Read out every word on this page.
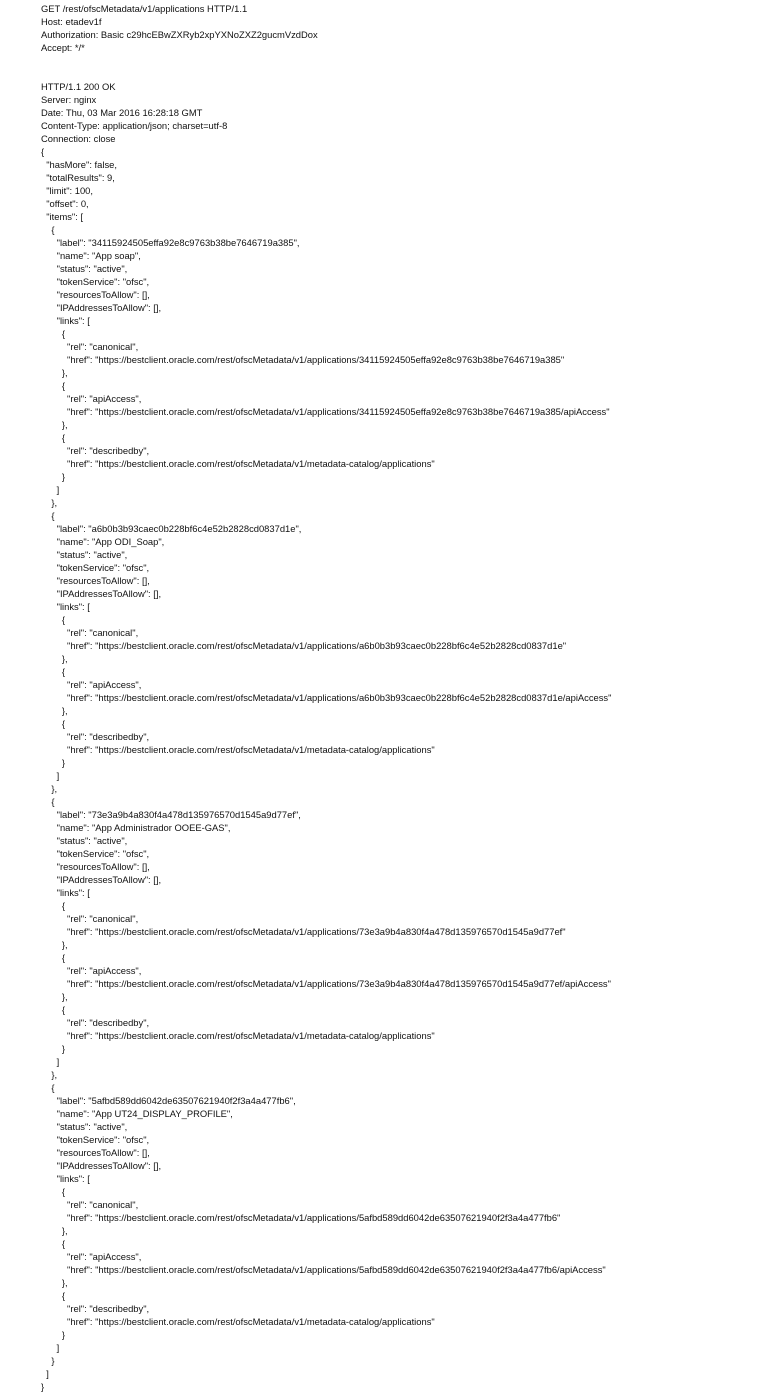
GET /rest/ofscMetadata/v1/applications HTTP/1.1
Host: etadev1f
Authorization: Basic c29hcEBwZXRyb2xpYXNoZXZ2gucmVzdDox
Accept: */*
HTTP/1.1 200 OK
Server: nginx
Date: Thu, 03 Mar 2016 16:28:18 GMT
Content-Type: application/json; charset=utf-8
Connection: close
{
"hasMore": false,
"totalResults": 9,
"limit": 100,
"offset": 0,
"items": [
{
"label": "34115924505effa92e8c9763b38be7646719a385",
"name": "App soap",
"status": "active",
"tokenService": "ofsc",
"resourcesToAllow": [],
"IPAddressesToAllow": [],
"links": [
{
"rel": "canonical",
"href": "https://bestclient.oracle.com/rest/ofscMetadata/v1/applications/34115924505effa92e8c9763b38be7646719a385"
},
{
"rel": "apiAccess",
"href": "https://bestclient.oracle.com/rest/ofscMetadata/v1/applications/34115924505effa92e8c9763b38be7646719a385/apiAccess"
},
{
"rel": "describedby",
"href": "https://bestclient.oracle.com/rest/ofscMetadata/v1/metadata-catalog/applications"
}
]
},
{
"label": "a6b0b3b93caec0b228bf6c4e52b2828cd0837d1e",
"name": "App ODI_Soap",
"status": "active",
"tokenService": "ofsc",
"resourcesToAllow": [],
"IPAddressesToAllow": [],
"links": [
{
"rel": "canonical",
"href": "https://bestclient.oracle.com/rest/ofscMetadata/v1/applications/a6b0b3b93caec0b228bf6c4e52b2828cd0837d1e"
},
{
"rel": "apiAccess",
"href": "https://bestclient.oracle.com/rest/ofscMetadata/v1/applications/a6b0b3b93caec0b228bf6c4e52b2828cd0837d1e/apiAccess"
},
{
"rel": "describedby",
"href": "https://bestclient.oracle.com/rest/ofscMetadata/v1/metadata-catalog/applications"
}
]
},
{
"label": "73e3a9b4a830f4a478d135976570d1545a9d77ef",
"name": "App Administrador OOEE-GAS",
"status": "active",
"tokenService": "ofsc",
"resourcesToAllow": [],
"IPAddressesToAllow": [],
"links": [
{
"rel": "canonical",
"href": "https://bestclient.oracle.com/rest/ofscMetadata/v1/applications/73e3a9b4a830f4a478d135976570d1545a9d77ef"
},
{
"rel": "apiAccess",
"href": "https://bestclient.oracle.com/rest/ofscMetadata/v1/applications/73e3a9b4a830f4a478d135976570d1545a9d77ef/apiAccess"
},
{
"rel": "describedby",
"href": "https://bestclient.oracle.com/rest/ofscMetadata/v1/metadata-catalog/applications"
}
]
},
{
"label": "5afbd589dd6042de63507621940f2f3a4a477fb6",
"name": "App UT24_DISPLAY_PROFILE",
"status": "active",
"tokenService": "ofsc",
"resourcesToAllow": [],
"IPAddressesToAllow": [],
"links": [
{
"rel": "canonical",
"href": "https://bestclient.oracle.com/rest/ofscMetadata/v1/applications/5afbd589dd6042de63507621940f2f3a4a477fb6"
},
{
"rel": "apiAccess",
"href": "https://bestclient.oracle.com/rest/ofscMetadata/v1/applications/5afbd589dd6042de63507621940f2f3a4a477fb6/apiAccess"
},
{
"rel": "describedby",
"href": "https://bestclient.oracle.com/rest/ofscMetadata/v1/metadata-catalog/applications"
}
]
}
]
}
